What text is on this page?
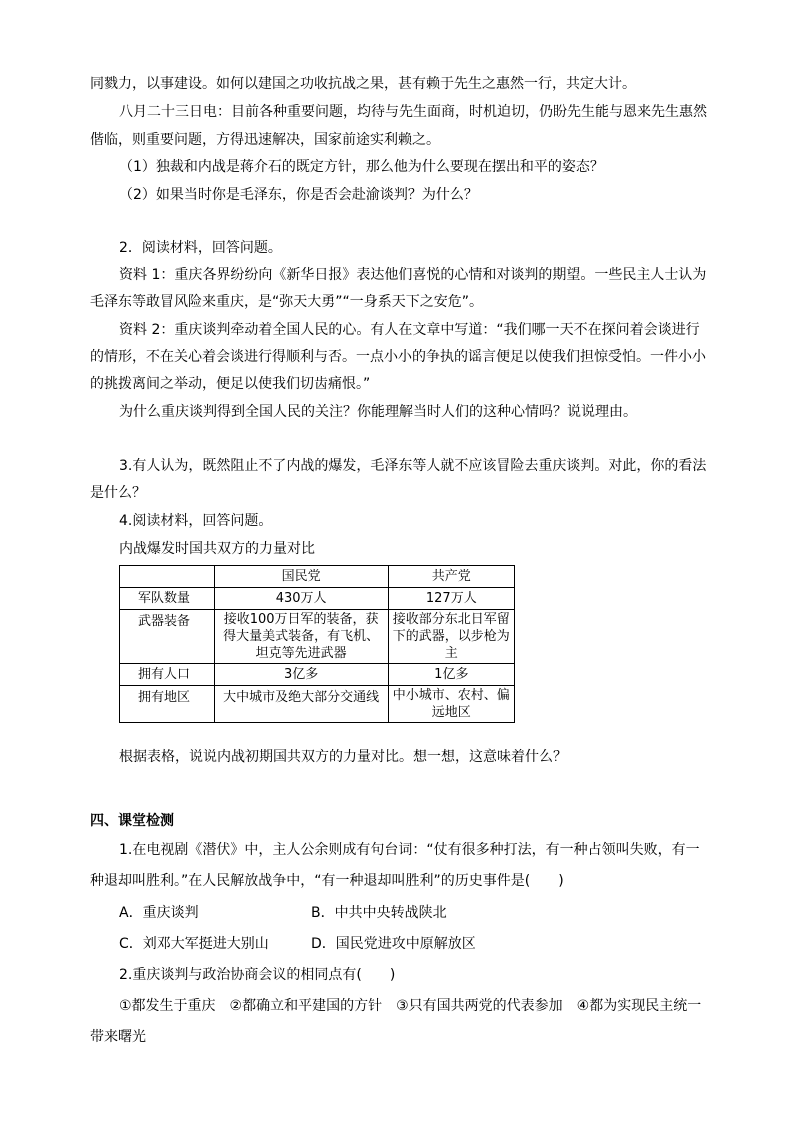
同戮力，以事建设。如何以建国之功收抗战之果，甚有赖于先生之惠然一行，共定大计。
八月二十三日电：目前各种重要问题，均待与先生面商，时机迫切，仍盼先生能与恩来先生惠然
偕临，则重要问题，方得迅速解决，国家前途实利赖之。
（1）独裁和内战是蒋介石的既定方针，那么他为什么要现在摆出和平的姿态？
（2）如果当时你是毛泽东，你是否会赴渝谈判？为什么？
2．阅读材料，回答问题。
资料 1：重庆各界纷纷向《新华日报》表达他们喜悦的心情和对谈判的期望。一些民主人士认为
毛泽东等敢冒风险来重庆，是“弥天大勇”“一身系天下之安危”。
资料 2：重庆谈判牵动着全国人民的心。有人在文章中写道：“我们哪一天不在探问着会谈进行
的情形，不在关心着会谈进行得顺利与否。一点小小的争执的谣言便足以使我们担惊受怕。一件小小
的挑拨离间之举动，便足以使我们切齿痛恨。”
为什么重庆谈判得到全国人民的关注？你能理解当时人们的这种心情吗？说说理由。
3.有人认为，既然阻止不了内战的爆发，毛泽东等人就不应该冒险去重庆谈判。对此，你的看法
是什么？
4.阅读材料，回答问题。
内战爆发时国共双方的力量对比
	国民党	共产党
军队数量	430万人	127万人
武器装备	接收100万日军的装备，获得大量美式装备，有飞机、坦克等先进武器	接收部分东北日军留下的武器，以步枪为主
拥有人口	3亿多	1亿多
拥有地区	大中城市及绝大部分交通线	中小城市、农村、偏远地区
根据表格，说说内战初期国共双方的力量对比。想一想，这意味着什么？
四、课堂检测
1.在电视剧《潜伏》中，主人公余则成有句台词：“仗有很多种打法，有一种占领叫失败，有一
种退却叫胜利。”在人民解放战争中，“有一种退却叫胜利”的历史事件是(　　)
A．重庆谈判	B．中共中央转战陕北
C．刘邓大军挺进大别山	D．国民党进攻中原解放区
2.重庆谈判与政治协商会议的相同点有(　　)
①都发生于重庆　②都确立和平建国的方针　③只有国共两党的代表参加　④都为实现民主统一
带来曙光
